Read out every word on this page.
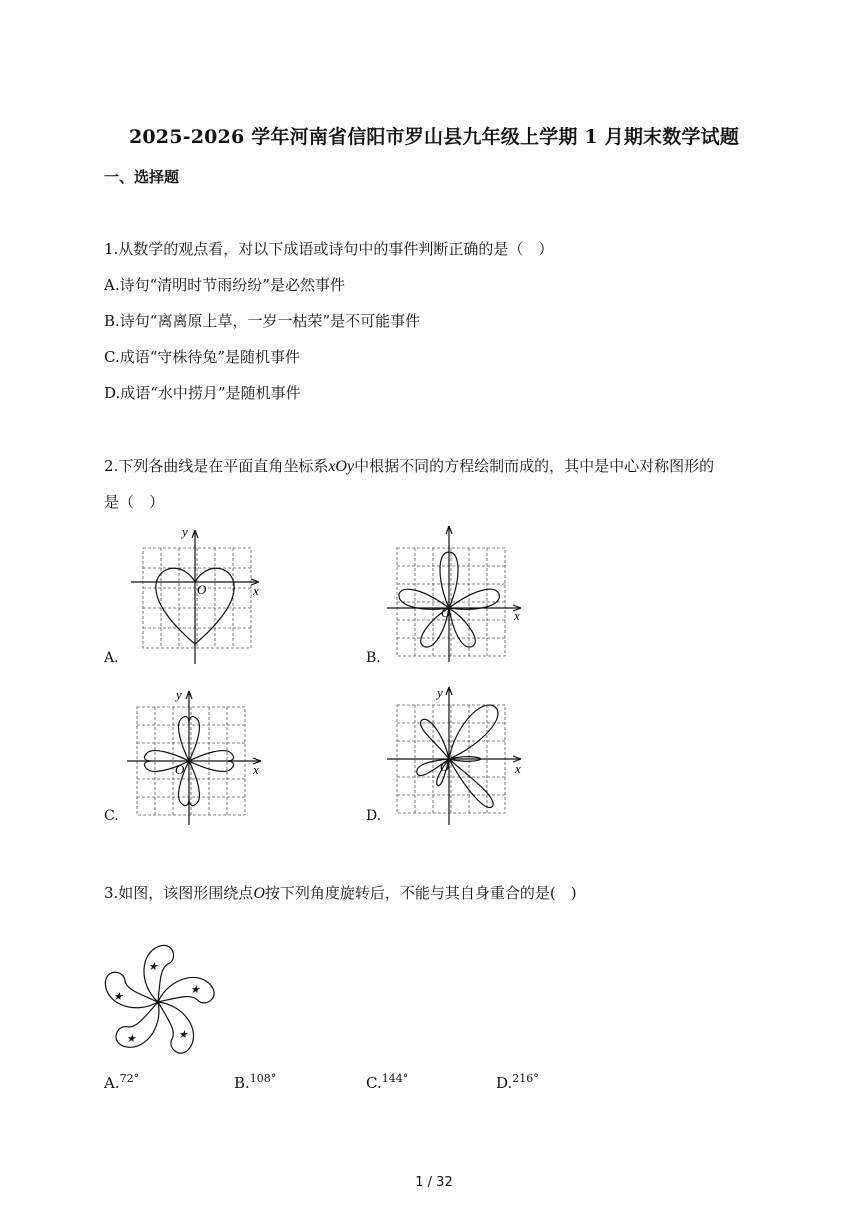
2025-2026 学年河南省信阳市罗山县九年级上学期 1 月期末数学试题
一、选择题
1.从数学的观点看，对以下成语或诗句中的事件判断正确的是（　）
A.诗句“清明时节雨纷纷”是必然事件
B.诗句“离离原上草，一岁一枯荣”是不可能事件
C.成语“守株待兔”是随机事件
D.成语“水中捞月”是随机事件
2.下列各曲线是在平面直角坐标系xOy中根据不同的方程绘制而成的，其中是中心对称图形的
是（　）
O	x
y
A.
O	x
B.
O	x
y
C.
O	x
y
D.
3.如图，该图形围绕点O按下列角度旋转后，不能与其自身重合的是(　)
★
★
★
★
★
A.$^{72^\circ}$	B.$^{108^\circ}$	C.$^{144^\circ}$	D.$^{216^\circ}$
1 / 32
